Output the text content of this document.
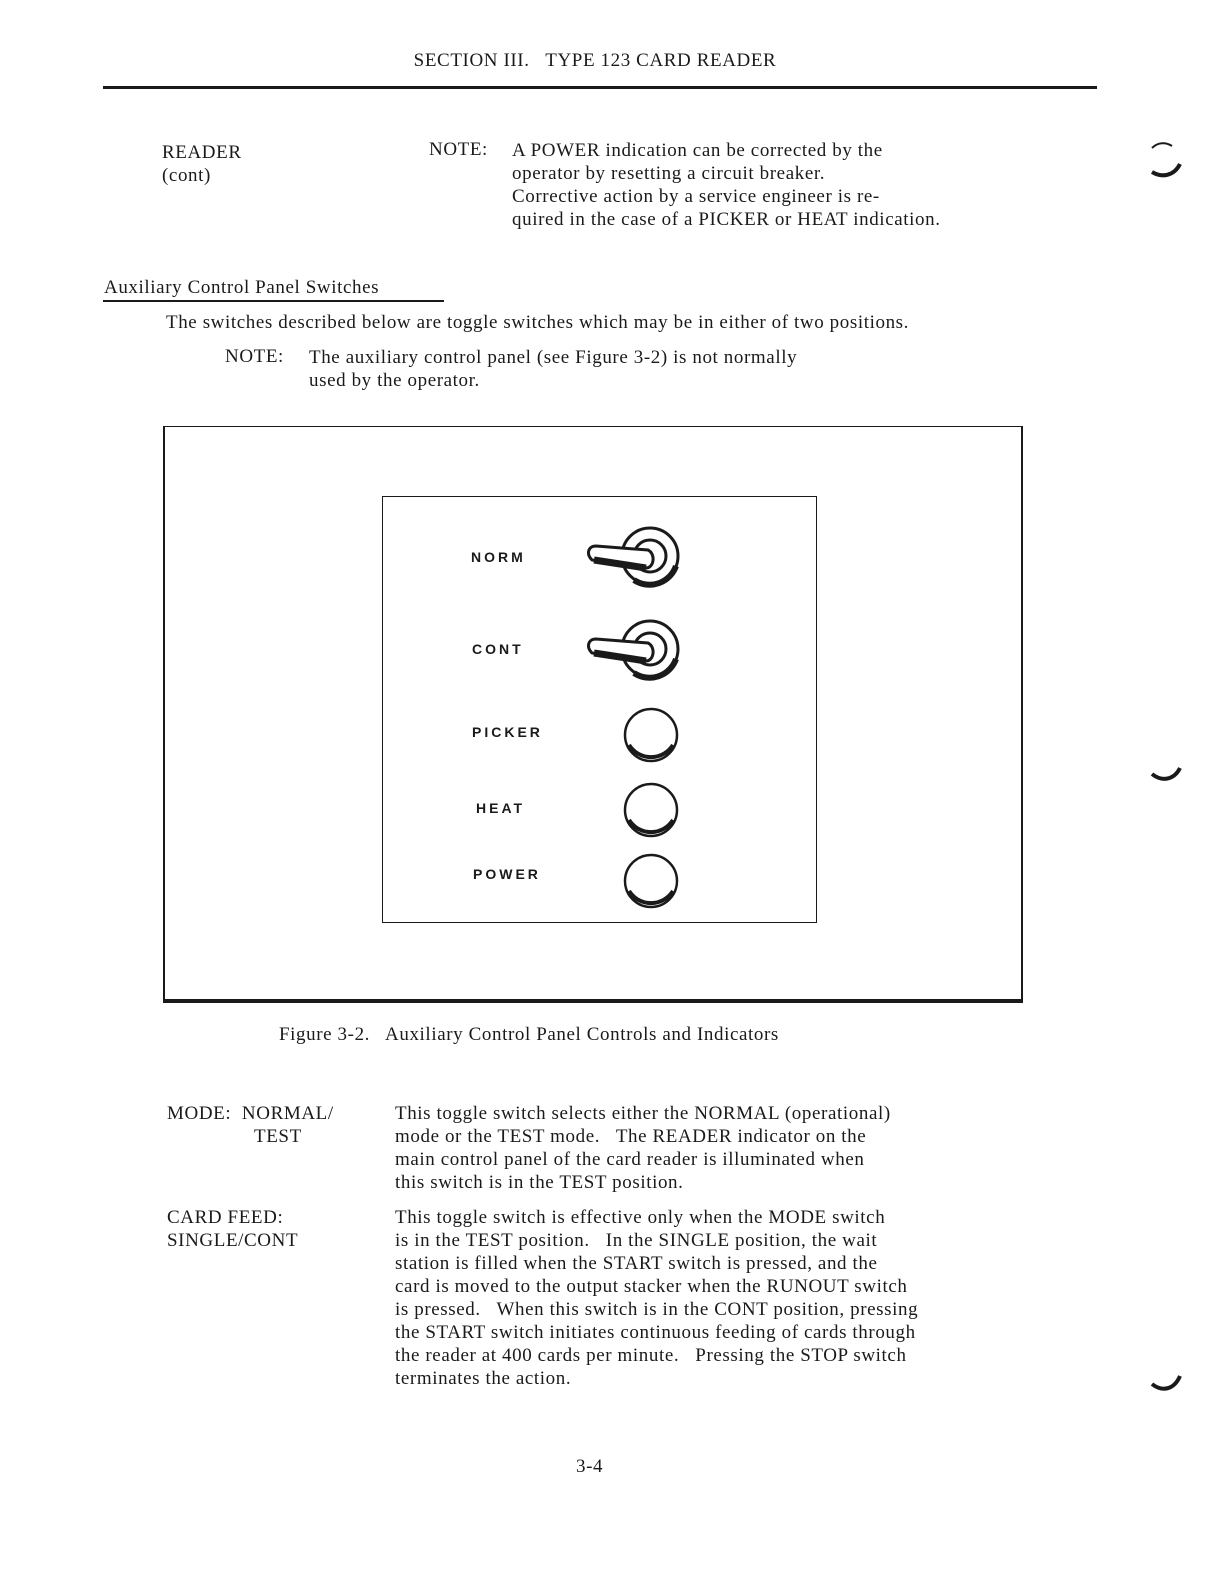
SECTION III.   TYPE 123 CARD READER
READER
(cont)
NOTE: A POWER indication can be corrected by the
operator by resetting a circuit breaker.
Corrective action by a service engineer is re-
quired in the case of a PICKER or HEAT indication.
Auxiliary Control Panel Switches
The switches described below are toggle switches which may be in either of two positions.
NOTE: The auxiliary control panel (see Figure 3-2) is not normally
used by the operator.
NORM
CONT
PICKER
HEAT
POWER
Figure 3-2.   Auxiliary Control Panel Controls and Indicators
MODE:  NORMAL/
TEST
This toggle switch selects either the NORMAL (operational)
mode or the TEST mode.   The READER indicator on the
main control panel of the card reader is illuminated when
this switch is in the TEST position.
CARD FEED:
SINGLE/CONT
This toggle switch is effective only when the MODE switch
is in the TEST position.   In the SINGLE position, the wait
station is filled when the START switch is pressed, and the
card is moved to the output stacker when the RUNOUT switch
is pressed.   When this switch is in the CONT position, pressing
the START switch initiates continuous feeding of cards through
the reader at 400 cards per minute.   Pressing the STOP switch
terminates the action.
3-4
